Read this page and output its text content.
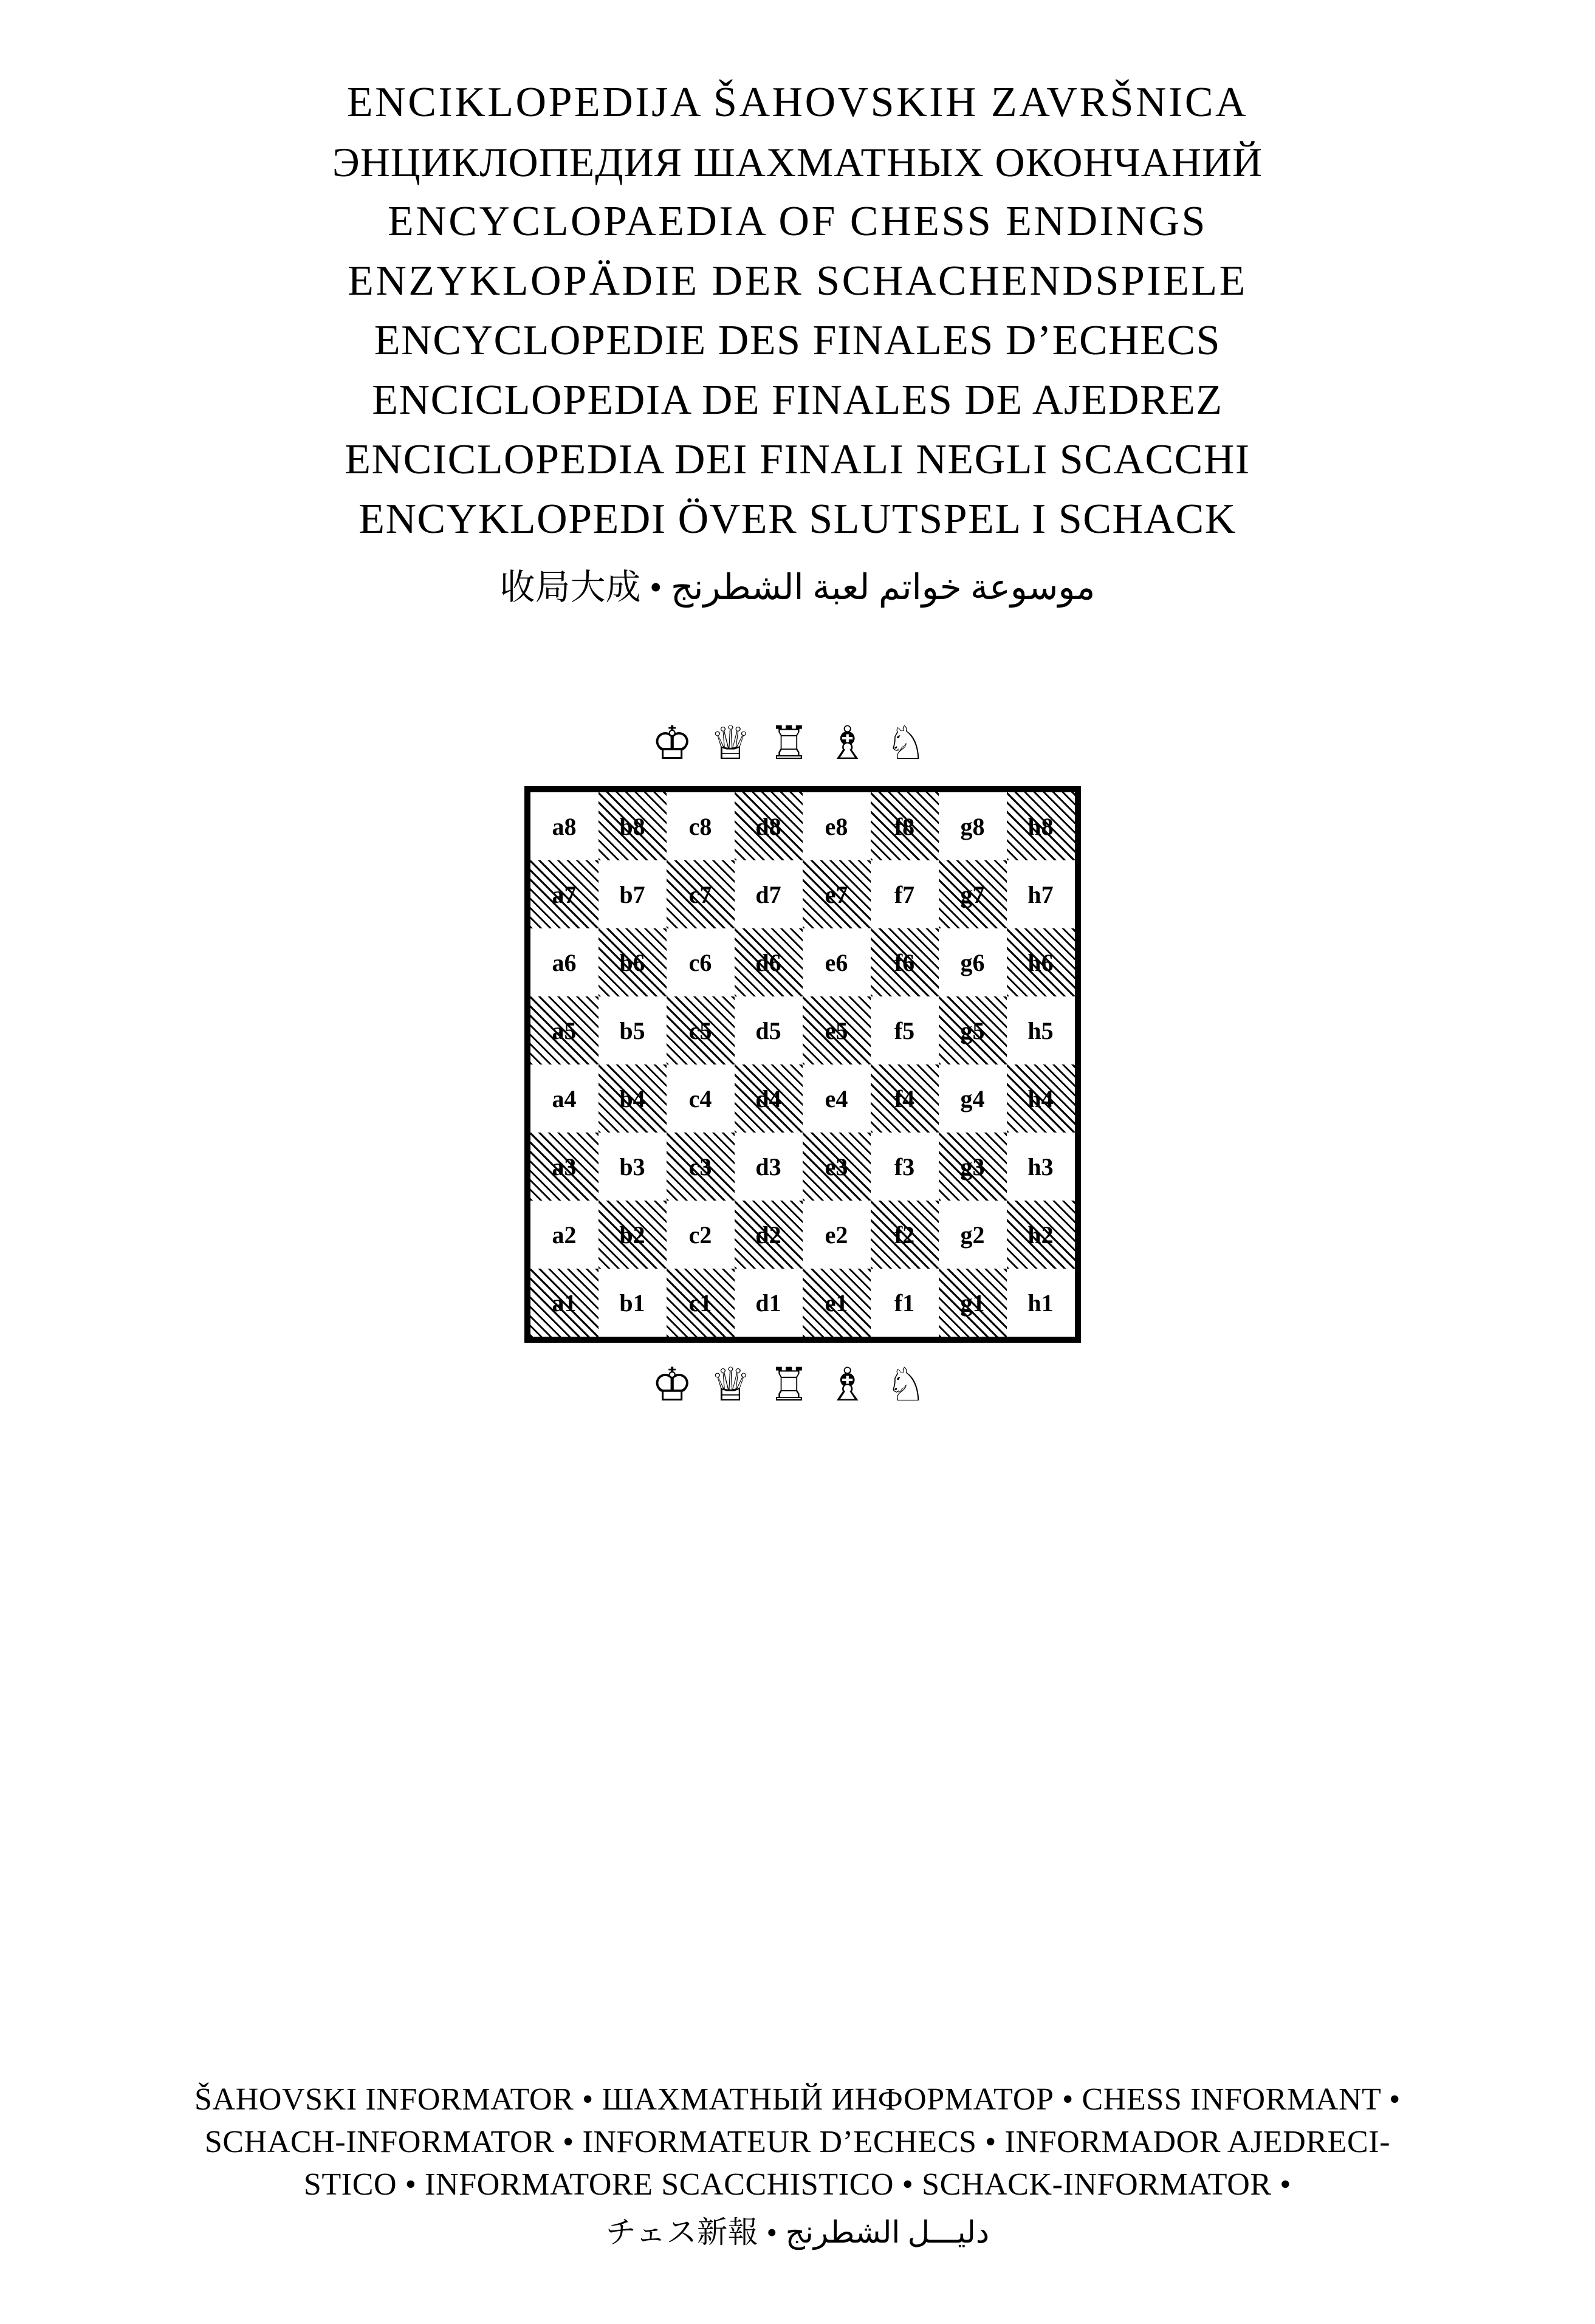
ENCIKLOPEDIJA ŠAHOVSKIH ZAVRŠNICA
ЭНЦИКЛОПЕДИЯ ШАХМАТНЫХ ОКОНЧАНИЙ
ENCYCLOPAEDIA OF CHESS ENDINGS
ENZYKLOPÄDIE DER SCHACHENDSPIELE
ENCYCLOPEDIE DES FINALES D’ECHECS
ENCICLOPEDIA DE FINALES DE AJEDREZ
ENCICLOPEDIA DEI FINALI NEGLI SCACCHI
ENCYKLOPEDI ÖVER SLUTSPEL I SCHACK
收局大成 • موسوعة خواتم لعبة الشطرنج
♔♕♖♗♘
a8	b8	c8	d8	e8	f8	g8	h8
a7	b7	c7	d7	e7	f7	g7	h7
a6	b6	c6	d6	e6	f6	g6	h6
a5	b5	c5	d5	e5	f5	g5	h5
a4	b4	c4	d4	e4	f4	g4	h4
a3	b3	c3	d3	e3	f3	g3	h3
a2	b2	c2	d2	e2	f2	g2	h2
a1	b1	c1	d1	e1	f1	g1	h1
♔♕♖♗♘
ŠAHOVSKI INFORMATOR • ШАХМАТНЫЙ ИНФОРМАТОР • CHESS INFORMANT •
SCHACH-INFORMATOR • INFORMATEUR D’ECHECS • INFORMADOR AJEDRECI-
STICO • INFORMATORE SCACCHISTICO • SCHACK-INFORMATOR •
チェス新報 • دليـــل الشطرنج
